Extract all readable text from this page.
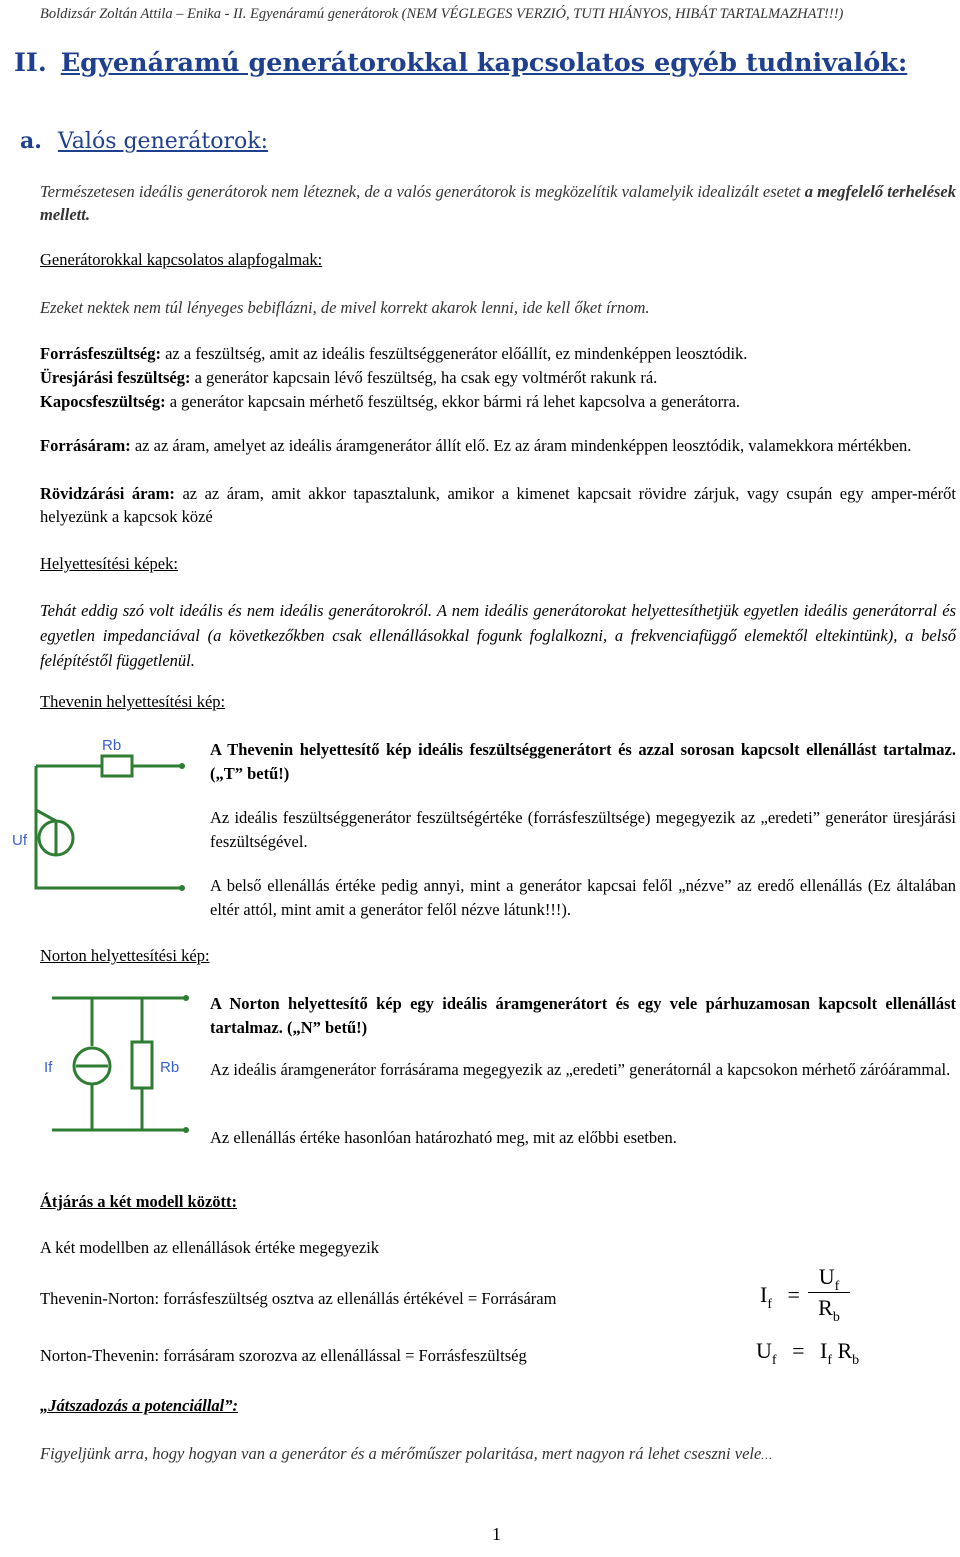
Boldizsár Zoltán Attila – Enika - II. Egyenáramú generátorok (NEM VÉGLEGES VERZIÓ, TUTI HIÁNYOS, HIBÁT TARTALMAZHAT!!!)
II. Egyenáramú generátorokkal kapcsolatos egyéb tudnivalók:
a. Valós generátorok:
Természetesen ideális generátorok nem léteznek, de a valós generátorok is megközelítik valamelyik idealizált esetet a megfelelő terhelések mellett.
Generátorokkal kapcsolatos alapfogalmak:
Ezeket nektek nem túl lényeges bebiflázni, de mivel korrekt akarok lenni, ide kell őket írnom.
Forrásfeszültség: az a feszültség, amit az ideális feszültséggenerátor előállít, ez mindenképpen leosztódik.
Üresjárási feszültség: a generátor kapcsain lévő feszültség, ha csak egy voltmérőt rakunk rá.
Kapocsfeszültség: a generátor kapcsain mérhető feszültség, ekkor bármi rá lehet kapcsolva a generátorra.
Forrásáram: az az áram, amelyet az ideális áramgenerátor állít elő. Ez az áram mindenképpen leosztódik, valamekkora mértékben.
Rövidzárási áram: az az áram, amit akkor tapasztalunk, amikor a kimenet kapcsait rövidre zárjuk, vagy csupán egy amper-mérőt helyezünk a kapcsok közé
Helyettesítési képek:
Tehát eddig szó volt ideális és nem ideális generátorokról. A nem ideális generátorokat helyettesíthetjük egyetlen ideális generátorral és egyetlen impedanciával (a következőkben csak ellenállásokkal fogunk foglalkozni, a frekvenciafüggő elemektől eltekintünk), a belső felépítéstől függetlenül.
Thevenin helyettesítési kép:
Rb
Uf
A Thevenin helyettesítő kép ideális feszültséggenerátort és azzal sorosan kapcsolt ellenállást tartalmaz. („T” betű!)
Az ideális feszültséggenerátor feszültségértéke (forrásfeszültsége) megegyezik az „eredeti” generátor üresjárási feszültségével.
A belső ellenállás értéke pedig annyi, mint a generátor kapcsai felől „nézve” az eredő ellenállás (Ez általában eltér attól, mint amit a generátor felől nézve látunk!!!).
Norton helyettesítési kép:
If	Rb
A Norton helyettesítő kép egy ideális áramgenerátort és egy vele párhuzamosan kapcsolt ellenállást tartalmaz. („N” betű!)
Az ideális áramgenerátor forrásárama megegyezik az „eredeti” generátornál a kapcsokon mérhető záróárammal.
Az ellenállás értéke hasonlóan határozható meg, mit az előbbi esetben.
Átjárás a két modell között:
A két modellben az ellenállások értéke megegyezik
Thevenin-Norton: forrásfeszültség osztva az ellenállás értékével = Forrásáram
Norton-Thevenin: forrásáram szorozva az ellenállással = Forrásfeszültség
$I_f$ =
$U_f$
$R_b$
$U_f = I_f$ $R_b$
„Játszadozás a potenciállal”:
Figyeljünk arra, hogy hogyan van a generátor és a mérőműszer polaritása, mert nagyon rá lehet cseszni vele…
1
